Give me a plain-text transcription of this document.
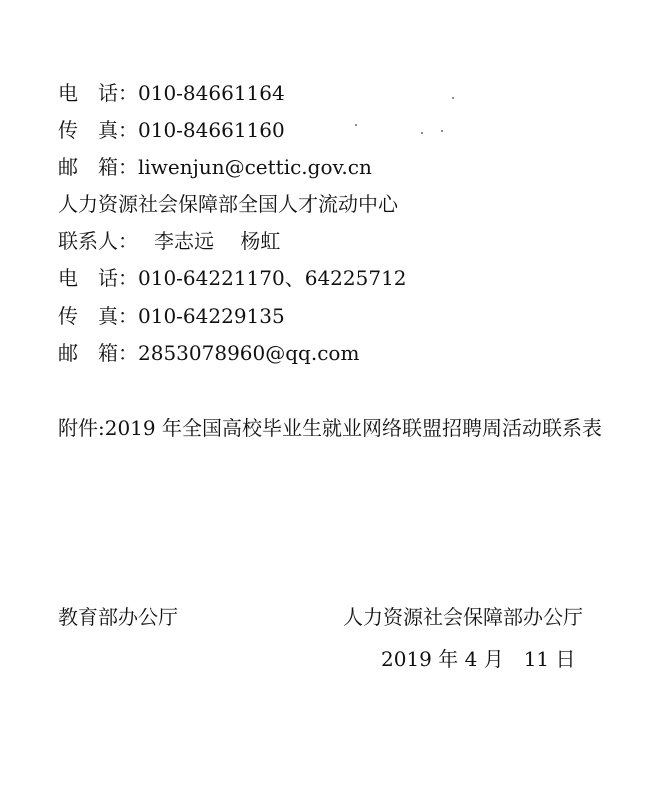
电　话：010-84661164
传　真：010-84661160
邮　箱：liwenjun@cettic.gov.cn
人力资源社会保障部全国人才流动中心
联系人： 李志远　 杨虹
电　话：010-64221170、64225712
传　真：010-64229135
邮　箱：2853078960@qq.com
附件:2019 年全国高校毕业生就业网络联盟招聘周活动联系表
教育部办公厅	人力资源社会保障部办公厅
2019 年 4 月　11 日
